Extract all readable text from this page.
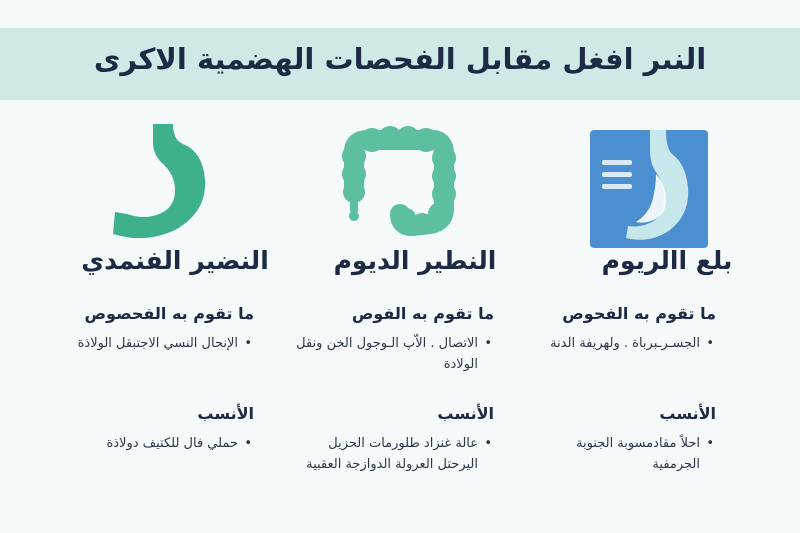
النىر افغل مقابل الفحصات الهضمية الاكرى
بلع االريوم
ما تقوم به الفحوص
• الجسـرـبرباة . ولهريفة الدنة
الأنسب
• احلاً مقادمسوبة الجنوبة الجرمفية
النطير الديوم
ما تقوم به الفوص
• الاتصال . الاّپ الـوجول الخن ونقل الولادة
الأنسب
• عالة غنزاد طلورمات الحزيل اليرحتل العرولة الدوازجة العقبية
النضير الفنمدي
ما تقوم به الفحصوص
• الإنحال النسي الاجتبقل الولاذة
الأنسب
• حملي فال للكتيف دولاذة
